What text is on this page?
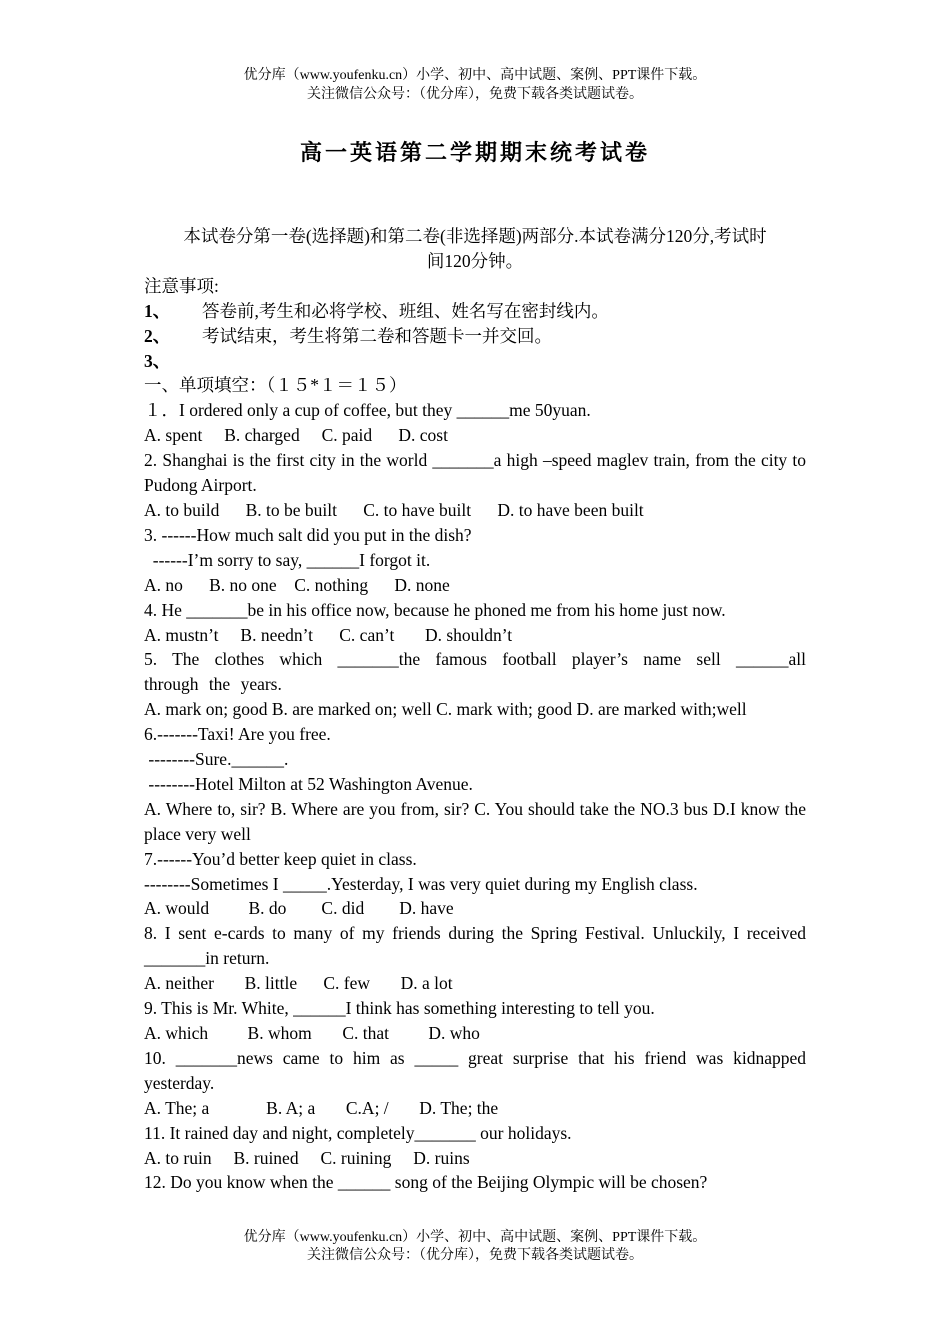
优分库（www.youfenku.cn）小学、初中、高中试题、案例、PPT课件下载。
关注微信公众号：（优分库），免费下载各类试题试卷。
高一英语第二学期期末统考试卷
本试卷分第一卷(选择题)和第二卷(非选择题)两部分.本试卷满分120分,考试时
间120分钟。
注意事项:
1、 答卷前,考生和必将学校、班组、姓名写在密封线内。
2、 考试结束，考生将第二卷和答题卡一并交回。
3、
一、单项填空：（１５*１＝１５）
１．I ordered only a cup of coffee, but they ______me 50yuan.
A. spent     B. charged     C. paid      D. cost
2. Shanghai is the first city in the world _______a high –speed maglev train, from the city to Pudong Airport.
A. to build      B. to be built      C. to have built      D. to have been built
3. ------How much salt did you put in the dish?
------I’m sorry to say, ______I forgot it.
A. no      B. no one    C. nothing      D. none
4. He _______be in his office now, because he phoned me from his home just now.
A. mustn’t     B. needn’t      C. can’t       D. shouldn’t
5. The clothes which _______the famous football player’s name sell ______all through the years.
A. mark on; good B. are marked on; well C. mark with; good D. are marked with;well
6.-------Taxi! Are you free.
--------Sure.______.
--------Hotel Milton at 52 Washington Avenue.
A. Where to, sir? B. Where are you from, sir? C. You should take the NO.3 bus D.I know the place very well
7.------You’d better keep quiet in class.
--------Sometimes I _____.Yesterday, I was very quiet during my English class.
A. would         B. do        C. did        D. have
8. I sent e-cards to many of my friends during the Spring Festival. Unluckily, I received _______in return.
A. neither       B. little      C. few       D. a lot
9. This is Mr. White, ______I think has something interesting to tell you.
A. which         B. whom       C. that         D. who
10. _______news came to him as _____ great surprise that his friend was kidnapped yesterday.
A. The; a             B. A; a       C.A; /       D. The; the
11. It rained day and night, completely_______ our holidays.
A. to ruin     B. ruined     C. ruining     D. ruins
12. Do you know when the ______ song of the Beijing Olympic will be chosen?
优分库（www.youfenku.cn）小学、初中、高中试题、案例、PPT课件下载。
关注微信公众号：（优分库），免费下载各类试题试卷。
